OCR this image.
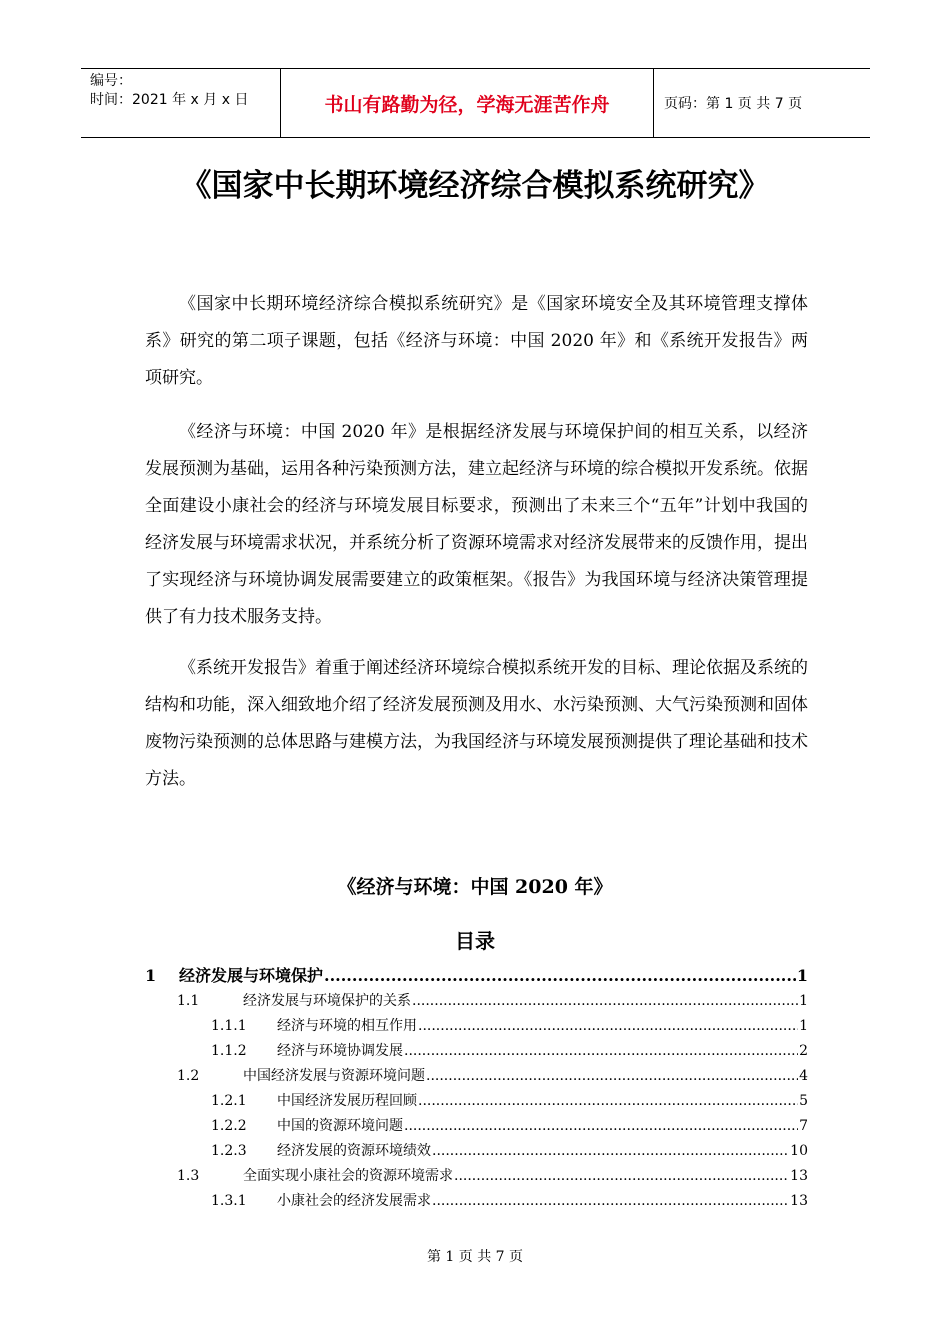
编号：
时间：2021 年 x 月 x 日	书山有路勤为径，学海无涯苦作舟	页码：第 1 页 共 7 页
《国家中长期环境经济综合模拟系统研究》

《国家中长期环境经济综合模拟系统研究》是《国家环境安全及其环境管理支撑体系》研究的第二项子课题，包括《经济与环境：中国 2020 年》和《系统开发报告》两项研究。

《经济与环境：中国 2020 年》是根据经济发展与环境保护间的相互关系，以经济发展预测为基础，运用各种污染预测方法，建立起经济与环境的综合模拟开发系统。依据全面建设小康社会的经济与环境发展目标要求，预测出了未来三个“五年”计划中我国的经济发展与环境需求状况，并系统分析了资源环境需求对经济发展带来的反馈作用，提出了实现经济与环境协调发展需要建立的政策框架。《报告》为我国环境与经济决策管理提供了有力技术服务支持。

《系统开发报告》着重于阐述经济环境综合模拟系统开发的目标、理论依据及系统的结构和功能，深入细致地介绍了经济发展预测及用水、水污染预测、大气污染预测和固体废物污染预测的总体思路与建模方法，为我国经济与环境发展预测提供了理论基础和技术方法。

《经济与环境：中国 2020 年》
目录
1	经济发展与环境保护 .....	1
1.1	经济发展与环境保护的关系 .....	1
1.1.1	经济与环境的相互作用 .....	1
1.1.2	经济与环境协调发展 .....	2
1.2	中国经济发展与资源环境问题 .....	4
1.2.1	中国经济发展历程回顾 .....	5
1.2.2	中国的资源环境问题 .....	7
1.2.3	经济发展的资源环境绩效 .....	10
1.3	全面实现小康社会的资源环境需求 .....	13
1.3.1	小康社会的经济发展需求 .....	13
第 1 页 共 7 页
